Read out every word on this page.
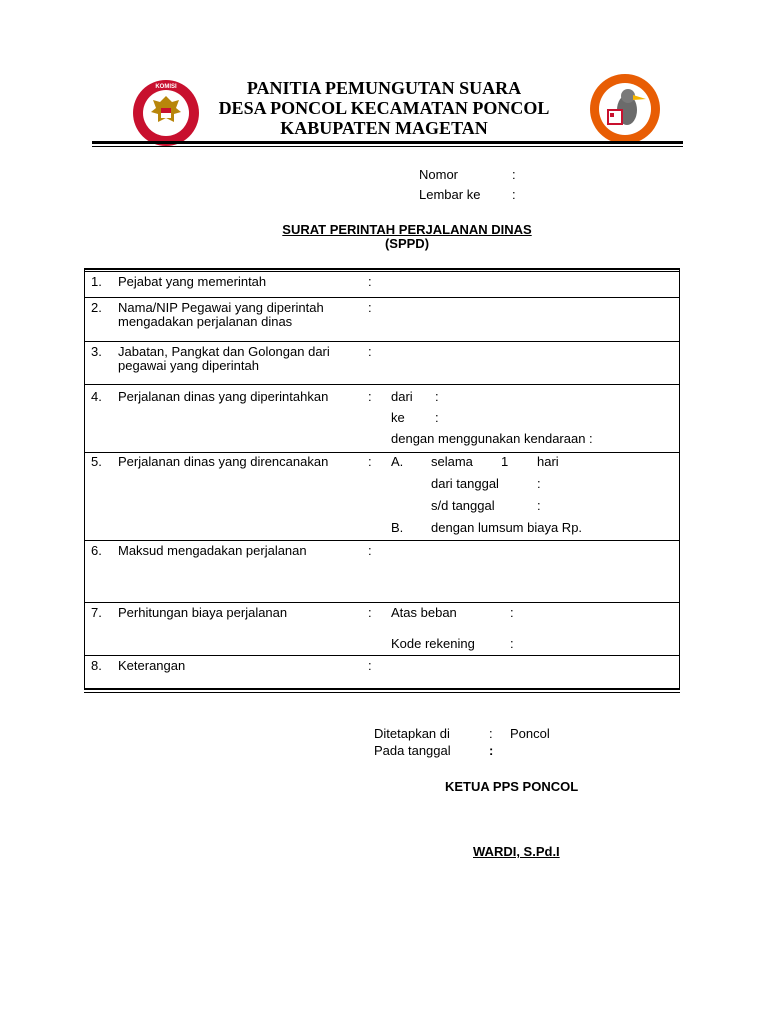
KOMISI	PANITIA PEMUNGUTAN SUARA
DESA PONCOL KECAMATAN PONCOL
KABUPATEN MAGETAN
Nomor	:
Lembar ke :
SURAT PERINTAH PERJALANAN DINAS
(SPPD)
1. Pejabat yang memerintah	:
2. Nama/NIP Pegawai yang diperintah
mengadakan perjalanan dinas
:
3. Jabatan, Pangkat dan Golongan dari
pegawai yang diperintah
:
4. Perjalanan dinas yang diperintahkan	: dari :
ke :
dengan menggunakan kendaraan :
5. Perjalanan dinas yang direncanakan	: A. selama 1 hari
dari tanggal	:
s/d tanggal	:
B. dengan lumsum biaya Rp.
6. Maksud mengadakan perjalanan	:
7. Perhitungan biaya perjalanan	: Atas beban	:
Kode rekening	:
8. Keterangan	:
Ditetapkan di	: Poncol
Pada tanggal	:
KETUA PPS PONCOL
WARDI, S.Pd.I
